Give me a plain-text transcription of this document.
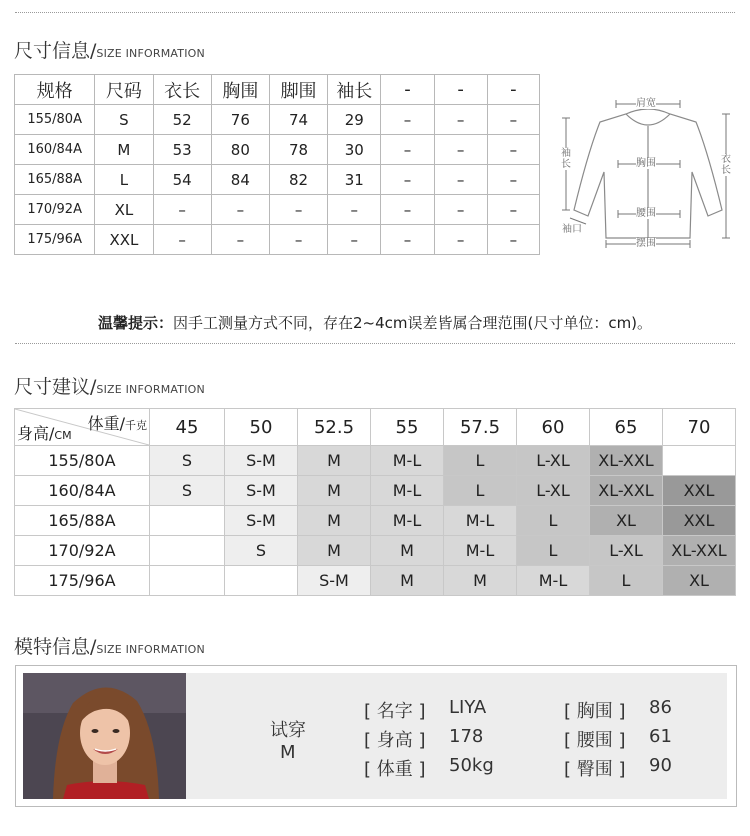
尺寸信息/SIZE INFORMATION
规格	尺码	衣长	胸围	脚围	袖长	-	-	-
155/80A	S	52	76	74	29	–	–	–
160/84A	M	53	80	78	30	–	–	–
165/88A	L	54	84	82	31	–	–	–
170/92A	XL	–	–	–	–	–	–	–
175/96A	XXL	–	–	–	–	–	–	–
肩宽
胸围
腰围
摆围
衣长
袖长
袖口
温馨提示：因手工测量方式不同，存在2~4cm误差皆属合理范围(尺寸单位：cm)。
尺寸建议/SIZE INFORMATION
体重/千克
身高/CM	45	50	52.5	55	57.5	60	65	70
155/80A	S	S-M	M	M-L	L	L-XL	XL-XXL	
160/84A	S	S-M	M	M-L	L	L-XL	XL-XXL	XXL
165/88A		S-M	M	M-L	M-L	L	XL	XXL
170/92A		S	M	M	M-L	L	L-XL	XL-XXL
175/96A			S-M	M	M	M-L	L	XL
模特信息/SIZE INFORMATION
试穿
M
[ 名字 ] LIYA
[ 身高 ] 178
[ 体重 ] 50kg
[ 胸围 ] 86
[ 腰围 ] 61
[ 臀围 ] 90
